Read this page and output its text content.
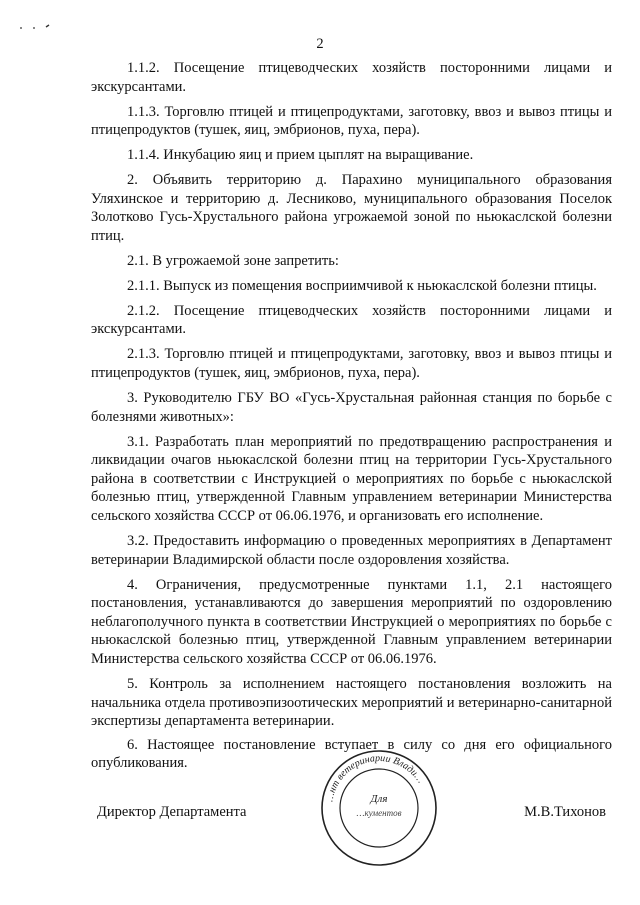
2

1.1.2. Посещение птицеводческих хозяйств посторонними лицами и экскурсантами.

1.1.3. Торговлю птицей и птицепродуктами, заготовку, ввоз и вывоз птицы и птицепродуктов (тушек, яиц, эмбрионов, пуха, пера).

1.1.4. Инкубацию яиц и прием цыплят на выращивание.

2. Объявить территорию д. Парахино муниципального образования Уляхинское и территорию д. Лесниково, муниципального образования Поселок Золотково Гусь-Хрустального района угрожаемой зоной по ньюкаслской болезни птиц.

2.1. В угрожаемой зоне запретить:

2.1.1. Выпуск из помещения восприимчивой к ньюкаслской болезни птицы.

2.1.2. Посещение птицеводческих хозяйств посторонними лицами и экскурсантами.

2.1.3. Торговлю птицей и птицепродуктами, заготовку, ввоз и вывоз птицы и птицепродуктов (тушек, яиц, эмбрионов, пуха, пера).

3. Руководителю ГБУ ВО «Гусь-Хрустальная районная станция по борьбе с болезнями животных»:

3.1. Разработать план мероприятий по предотвращению распространения и ликвидации очагов ньюкаслской болезни птиц на территории Гусь-Хрустального района в соответствии с Инструкцией о мероприятиях по борьбе с ньюкаслской болезнью птиц, утвержденной Главным управлением ветеринарии Министерства сельского хозяйства СССР от 06.06.1976, и организовать его исполнение.

3.2. Предоставить информацию о проведенных мероприятиях в Департамент ветеринарии Владимирской области после оздоровления хозяйства.

4. Ограничения, предусмотренные пунктами 1.1, 2.1 настоящего постановления, устанавливаются до завершения мероприятий по оздоровлению неблагополучного пункта в соответствии Инструкцией о мероприятиях по борьбе с ньюкаслской болезнью птиц, утвержденной Главным управлением ветеринарии Министерства сельского хозяйства СССР от 06.06.1976.

5. Контроль за исполнением настоящего постановления возложить на начальника отдела противоэпизоотических мероприятий и ветеринарно-санитарной экспертизы департамента ветеринарии.

6. Настоящее постановление вступает в силу со дня его официального опубликования.

…нт ветеринарии Влади…
Для
…кументов
Директор Департамента	М.В.Тихонов
